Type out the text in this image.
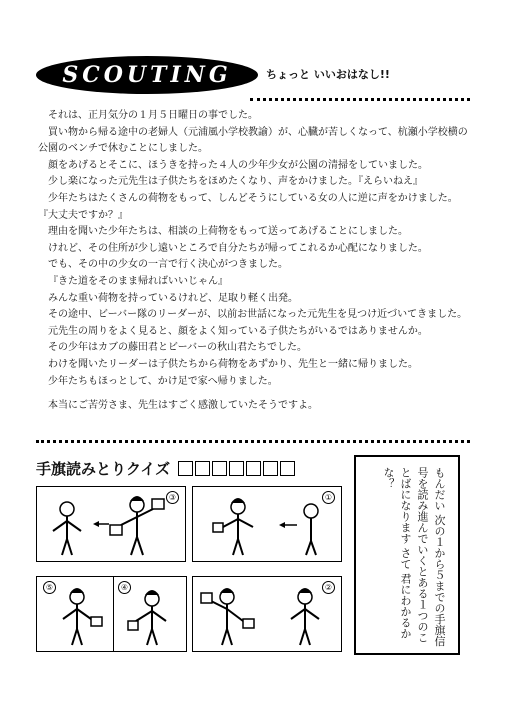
SCOUTING	ちょっと いいおはなし!!

それは、正月気分の１月５日曜日の事でした。

買い物から帰る途中の老婦人（元浦風小学校教諭）が、心臓が苦しくなって、杭瀬小学校横の公園のベンチで休むことにしました。

顔をあげるとそこに、ほうきを持った４人の少年少女が公園の清掃をしていました。

少し楽になった元先生は子供たちをほめたくなり、声をかけました。『えらいねえ』

少年たちはたくさんの荷物をもって、しんどそうにしている女の人に逆に声をかけました。『大丈夫ですか？』

理由を聞いた少年たちは、相談の上荷物をもって送ってあげることにしました。

けれど、その住所が少し遠いところで自分たちが帰ってこれるか心配になりました。

でも、その中の少女の一言で行く決心がつきました。

『きた道をそのまま帰ればいいじゃん』

みんな重い荷物を持っているけれど、足取り軽く出発。

その途中、ビーバー隊のリーダーが、以前お世話になった元先生を見つけ近づいてきました。

元先生の周りをよく見ると、顔をよく知っている子供たちがいるではありませんか。

その少年はカブの藤田君とビーバーの秋山君たちでした。

わけを聞いたリーダーは子供たちから荷物をあずかり、先生と一緒に帰りました。

少年たちもほっとして、かけ足で家へ帰りました。

本当にご苦労さま、先生はすごく感激していたそうですよ。

手旗読みとりクイズ
③	①
⑤	④	②	もんだい 次の１から５までの手旗信号を読み進んでいくとある１つのことばになります さて 君にわかるかな？
